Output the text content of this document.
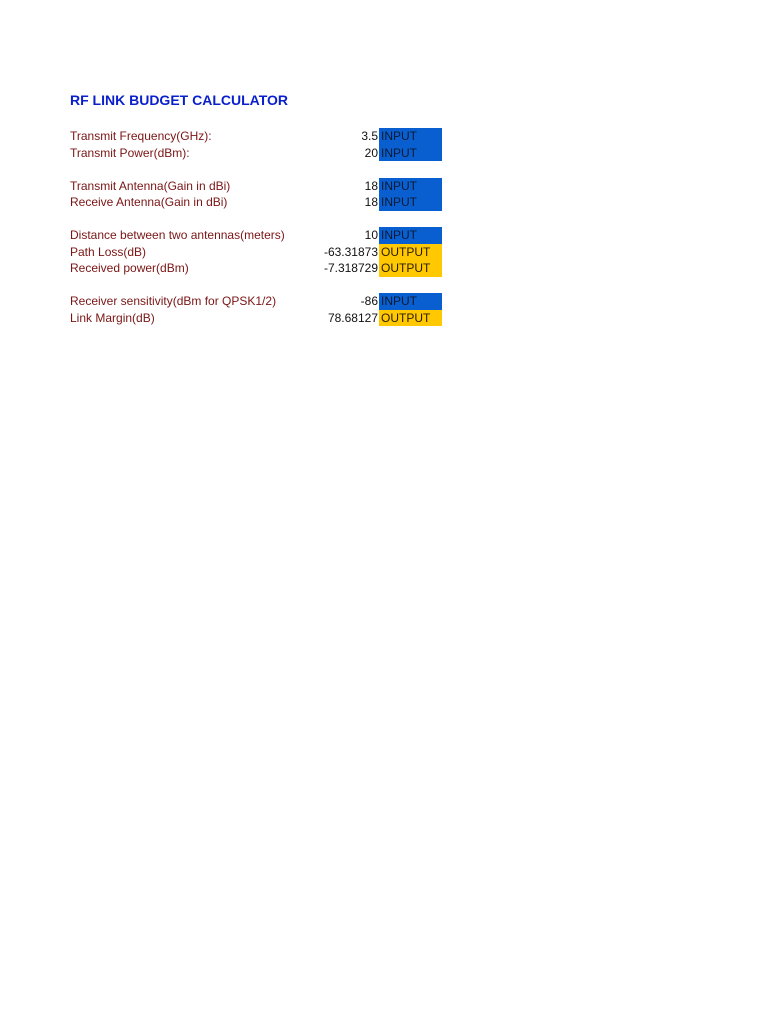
RF LINK BUDGET CALCULATOR
Transmit Frequency(GHz):	3.5 INPUT
Transmit Power(dBm):	20 INPUT
Transmit Antenna(Gain in dBi)	18 INPUT
Receive Antenna(Gain in dBi)	18 INPUT
Distance between two antennas(meters)	10 INPUT
Path Loss(dB)	-63.31873 OUTPUT
Received power(dBm)	-7.318729 OUTPUT
Receiver sensitivity(dBm for QPSK1/2)	-86 INPUT
Link Margin(dB)	78.68127 OUTPUT
